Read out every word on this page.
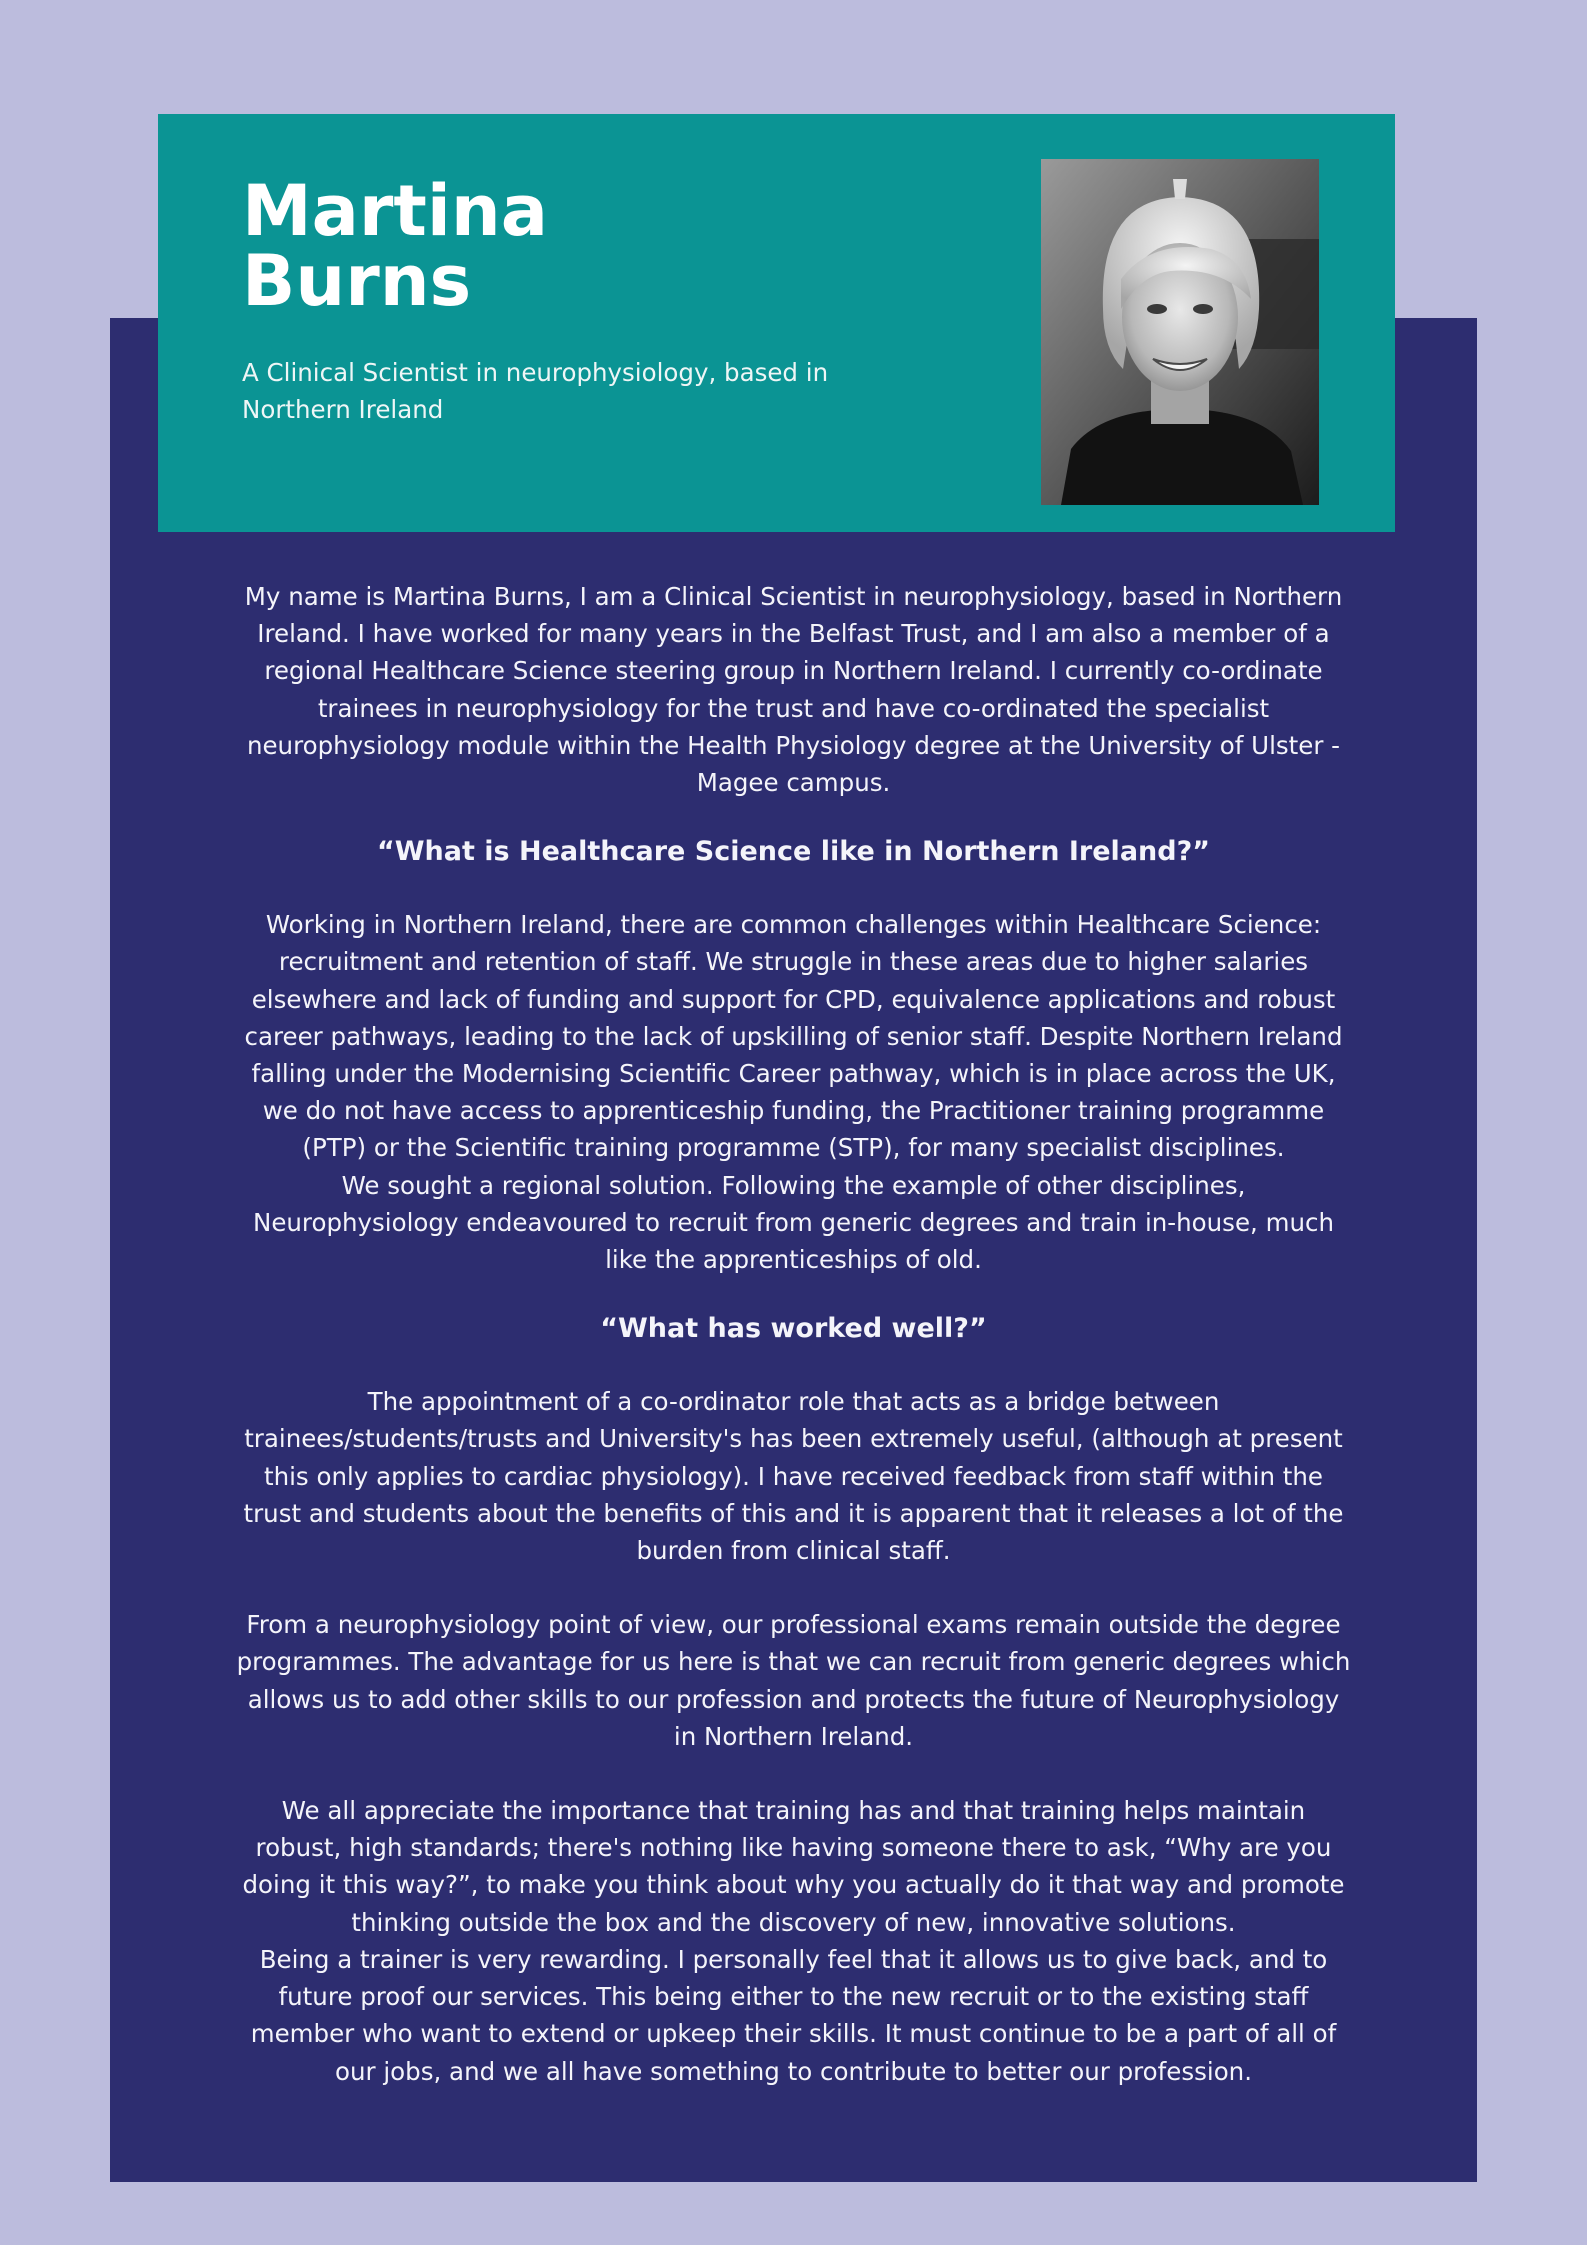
Martina
Burns

A Clinical Scientist in neurophysiology, based in
Northern Ireland

My name is Martina Burns, I am a Clinical Scientist in neurophysiology, based in Northern
Ireland. I have worked for many years in the Belfast Trust, and I am also a member of a
regional Healthcare Science steering group in Northern Ireland. I currently co-ordinate
trainees in neurophysiology for the trust and have co-ordinated the specialist
neurophysiology module within the Health Physiology degree at the University of Ulster -
Magee campus.

“What is Healthcare Science like in Northern Ireland?”

Working in Northern Ireland, there are common challenges within Healthcare Science:
recruitment and retention of staff. We struggle in these areas due to higher salaries
elsewhere and lack of funding and support for CPD, equivalence applications and robust
career pathways, leading to the lack of upskilling of senior staff. Despite Northern Ireland
falling under the Modernising Scientific Career pathway, which is in place across the UK,
we do not have access to apprenticeship funding, the Practitioner training programme
(PTP) or the Scientific training programme (STP), for many specialist disciplines.

We sought a regional solution. Following the example of other disciplines,
Neurophysiology endeavoured to recruit from generic degrees and train in-house, much
like the apprenticeships of old.

“What has worked well?”

The appointment of a co-ordinator role that acts as a bridge between
trainees/students/trusts and University's has been extremely useful, (although at present
this only applies to cardiac physiology). I have received feedback from staff within the
trust and students about the benefits of this and it is apparent that it releases a lot of the
burden from clinical staff.

From a neurophysiology point of view, our professional exams remain outside the degree
programmes. The advantage for us here is that we can recruit from generic degrees which
allows us to add other skills to our profession and protects the future of Neurophysiology
in Northern Ireland.

We all appreciate the importance that training has and that training helps maintain
robust, high standards; there's nothing like having someone there to ask, “Why are you
doing it this way?”, to make you think about why you actually do it that way and promote
thinking outside the box and the discovery of new, innovative solutions.

Being a trainer is very rewarding. I personally feel that it allows us to give back, and to
future proof our services. This being either to the new recruit or to the existing staff
member who want to extend or upkeep their skills. It must continue to be a part of all of
our jobs, and we all have something to contribute to better our profession.
